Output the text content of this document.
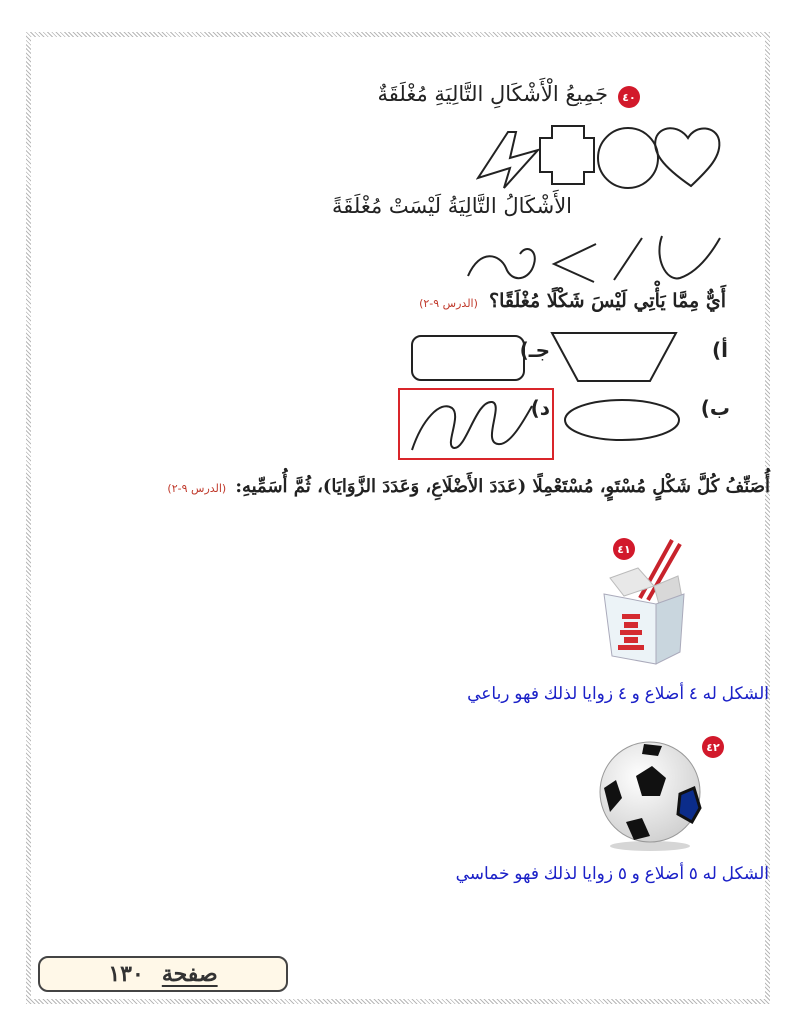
٤٠
جَمِيعُ الْأَشْكَالِ التَّالِيَةِ مُغْلَقَةٌ
الأَشْكَالُ التَّالِيَةُ لَيْسَتْ مُغْلَقَةً
أَيٌّ مِمَّا يَأْتِي لَيْسَ شَكْلًا مُغْلَقًا؟ (الدرس ٩-٢)
أ)
جـ)
ب)
د)
أُصَنِّفُ كُلَّ شَكْلٍ مُسْتَوٍ، مُسْتَعْمِلًا (عَدَدَ الأَضْلَاعِ، وَعَدَدَ الزَّوَايَا)، ثُمَّ أُسَمِّيهِ: (الدرس ٩-٢)
٤١
الشكل له ٤ أضلاع و ٤ زوايا لذلك فهو رباعي
٤٢
الشكل له ٥ أضلاع و ٥ زوايا لذلك فهو خماسي
١٣٠ صفحة
